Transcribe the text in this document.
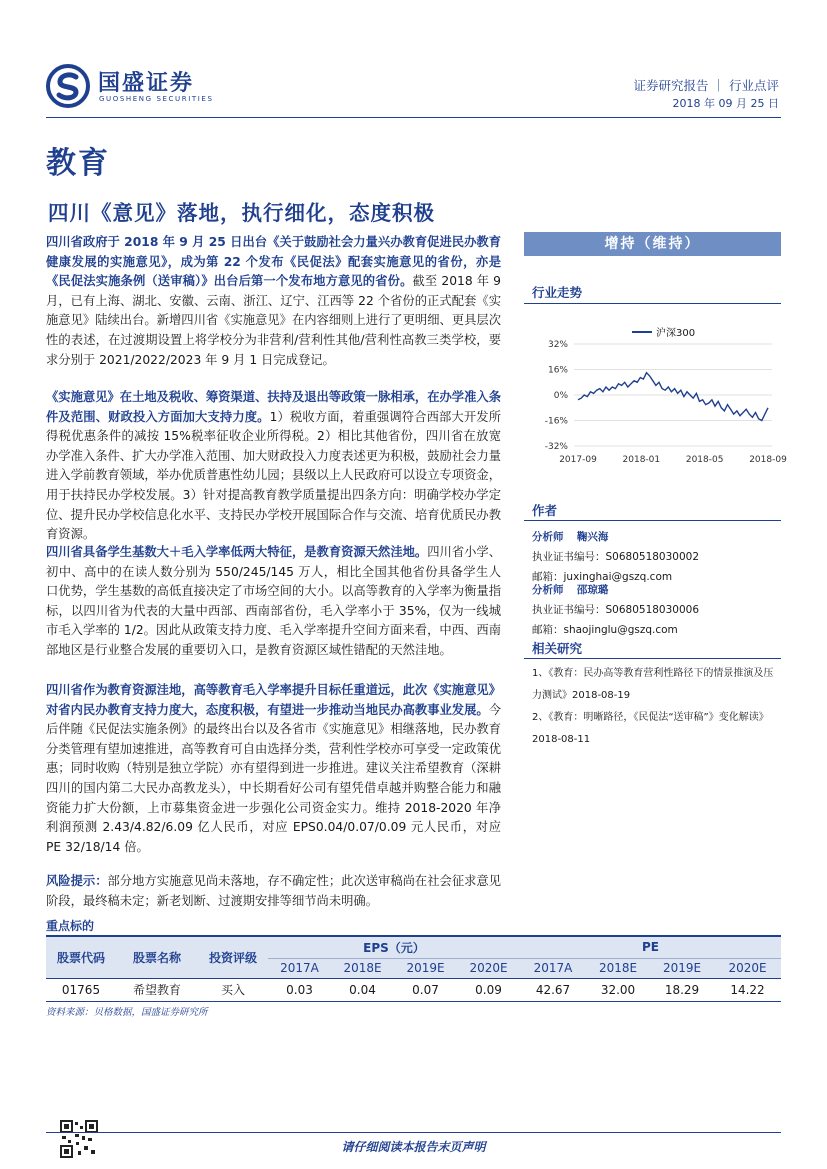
国盛证券
GUOSHENG SECURITIES
证券研究报告 ｜ 行业点评
2018 年 09 月 25 日
教育
四川《意见》落地，执行细化，态度积极
四川省政府于 2018 年 9 月 25 日出台《关于鼓励社会力量兴办教育促进民办教育健康发展的实施意见》，成为第 22 个发布《民促法》配套实施意见的省份，亦是《民促法实施条例（送审稿）》出台后第一个发布地方意见的省份。截至 2018 年 9 月，已有上海、湖北、安徽、云南、浙江、辽宁、江西等 22 个省份的正式配套《实施意见》陆续出台。新增四川省《实施意见》在内容细则上进行了更明细、更具层次性的表述，在过渡期设置上将学校分为非营利/营利性其他/营利性高教三类学校，要求分别于 2021/2022/2023 年 9 月 1 日完成登记。
《实施意见》在土地及税收、筹资渠道、扶持及退出等政策一脉相承，在办学准入条件及范围、财政投入方面加大支持力度。1）税收方面，着重强调符合西部大开发所得税优惠条件的减按 15%税率征收企业所得税。2）相比其他省份，四川省在放宽办学准入条件、扩大办学准入范围、加大财政投入力度表述更为积极，鼓励社会力量进入学前教育领域，举办优质普惠性幼儿园；县级以上人民政府可以设立专项资金，用于扶持民办学校发展。3）针对提高教育教学质量提出四条方向：明确学校办学定位、提升民办学校信息化水平、支持民办学校开展国际合作与交流、培育优质民办教育资源。
四川省具备学生基数大＋毛入学率低两大特征，是教育资源天然洼地。四川省小学、初中、高中的在读人数分别为 550/245/145 万人，相比全国其他省份具备学生人口优势，学生基数的高低直接决定了市场空间的大小。以高等教育的入学率为衡量指标，以四川省为代表的大量中西部、西南部省份，毛入学率小于 35%，仅为一线城市毛入学率的 1/2。因此从政策支持力度、毛入学率提升空间方面来看，中西、西南部地区是行业整合发展的重要切入口，是教育资源区域性错配的天然洼地。
四川省作为教育资源洼地，高等教育毛入学率提升目标任重道远，此次《实施意见》对省内民办教育支持力度大，态度积极，有望进一步推动当地民办高教事业发展。今后伴随《民促法实施条例》的最终出台以及各省市《实施意见》相继落地，民办教育分类管理有望加速推进，高等教育可自由选择分类，营利性学校亦可享受一定政策优惠；同时收购（特别是独立学院）亦有望得到进一步推进。建议关注希望教育（深耕四川的国内第二大民办高教龙头），中长期看好公司有望凭借卓越并购整合能力和融资能力扩大份额，上市募集资金进一步强化公司资金实力。维持 2018-2020 年净利润预测 2.43/4.82/6.09 亿人民币，对应 EPS0.04/0.07/0.09 元人民币，对应 PE 32/18/14 倍。
风险提示：部分地方实施意见尚未落地，存不确定性；此次送审稿尚在社会征求意见阶段，最终稿未定；新老划断、过渡期安排等细节尚未明确。
增持（维持）
行业走势
32%
16%
0%
-16%
-32%
2017-09	2018-01	2018-05	2018-09
沪深300
作者
分析师 鞠兴海
执业证书编号：S0680518030002
邮箱：juxinghai@gszq.com
分析师 邵琼璐
执业证书编号：S0680518030006
邮箱：shaojinglu@gszq.com
相关研究
1、《教育：民办高等教育营利性路径下的情景推演及压
力测试》2018-08-19
2、《教育：明晰路径，《民促法“送审稿”》变化解读》
2018-08-11
重点标的
股票代码	股票名称	投资评级	EPS（元）				PE			
			2017A	2018E	2019E	2020E	2017A	2018E	2019E	2020E
01765	希望教育	买入	0.03	0.04	0.07	0.09	42.67	32.00	18.29	14.22
资料来源：贝格数据，国盛证券研究所
请仔细阅读本报告末页声明
